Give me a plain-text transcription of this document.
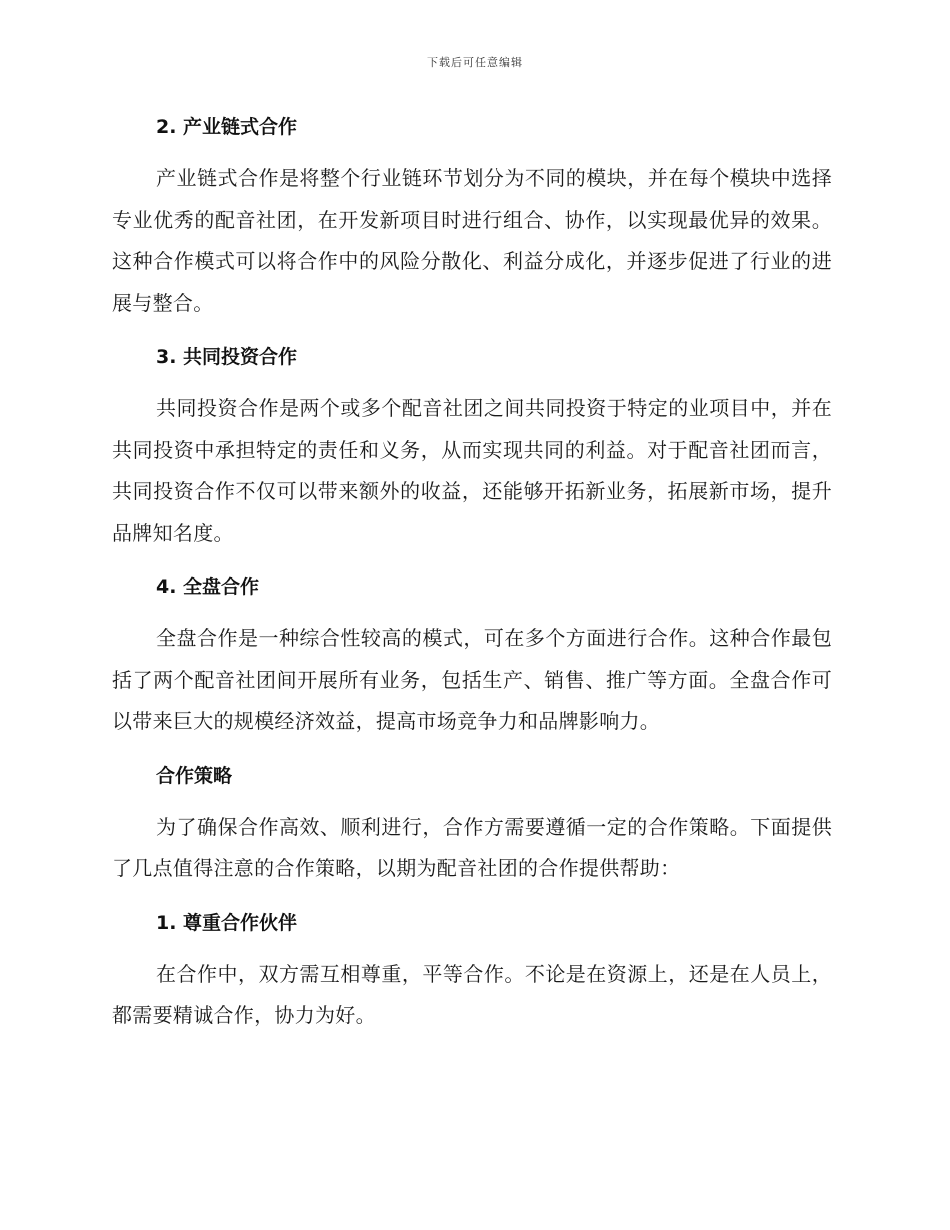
下载后可任意编辑
2. 产业链式合作

产业链式合作是将整个行业链环节划分为不同的模块，并在每个模块中选择专业优秀的配音社团，在开发新项目时进行组合、协作，以实现最优异的效果。这种合作模式可以将合作中的风险分散化、利益分成化，并逐步促进了行业的进展与整合。

3. 共同投资合作

共同投资合作是两个或多个配音社团之间共同投资于特定的业项目中，并在共同投资中承担特定的责任和义务，从而实现共同的利益。对于配音社团而言，共同投资合作不仅可以带来额外的收益，还能够开拓新业务，拓展新市场，提升品牌知名度。

4. 全盘合作

全盘合作是一种综合性较高的模式，可在多个方面进行合作。这种合作最包括了两个配音社团间开展所有业务，包括生产、销售、推广等方面。全盘合作可以带来巨大的规模经济效益，提高市场竞争力和品牌影响力。

合作策略

为了确保合作高效、顺利进行，合作方需要遵循一定的合作策略。下面提供了几点值得注意的合作策略，以期为配音社团的合作提供帮助：

1. 尊重合作伙伴

在合作中，双方需互相尊重，平等合作。不论是在资源上，还是在人员上，都需要精诚合作，协力为好。
